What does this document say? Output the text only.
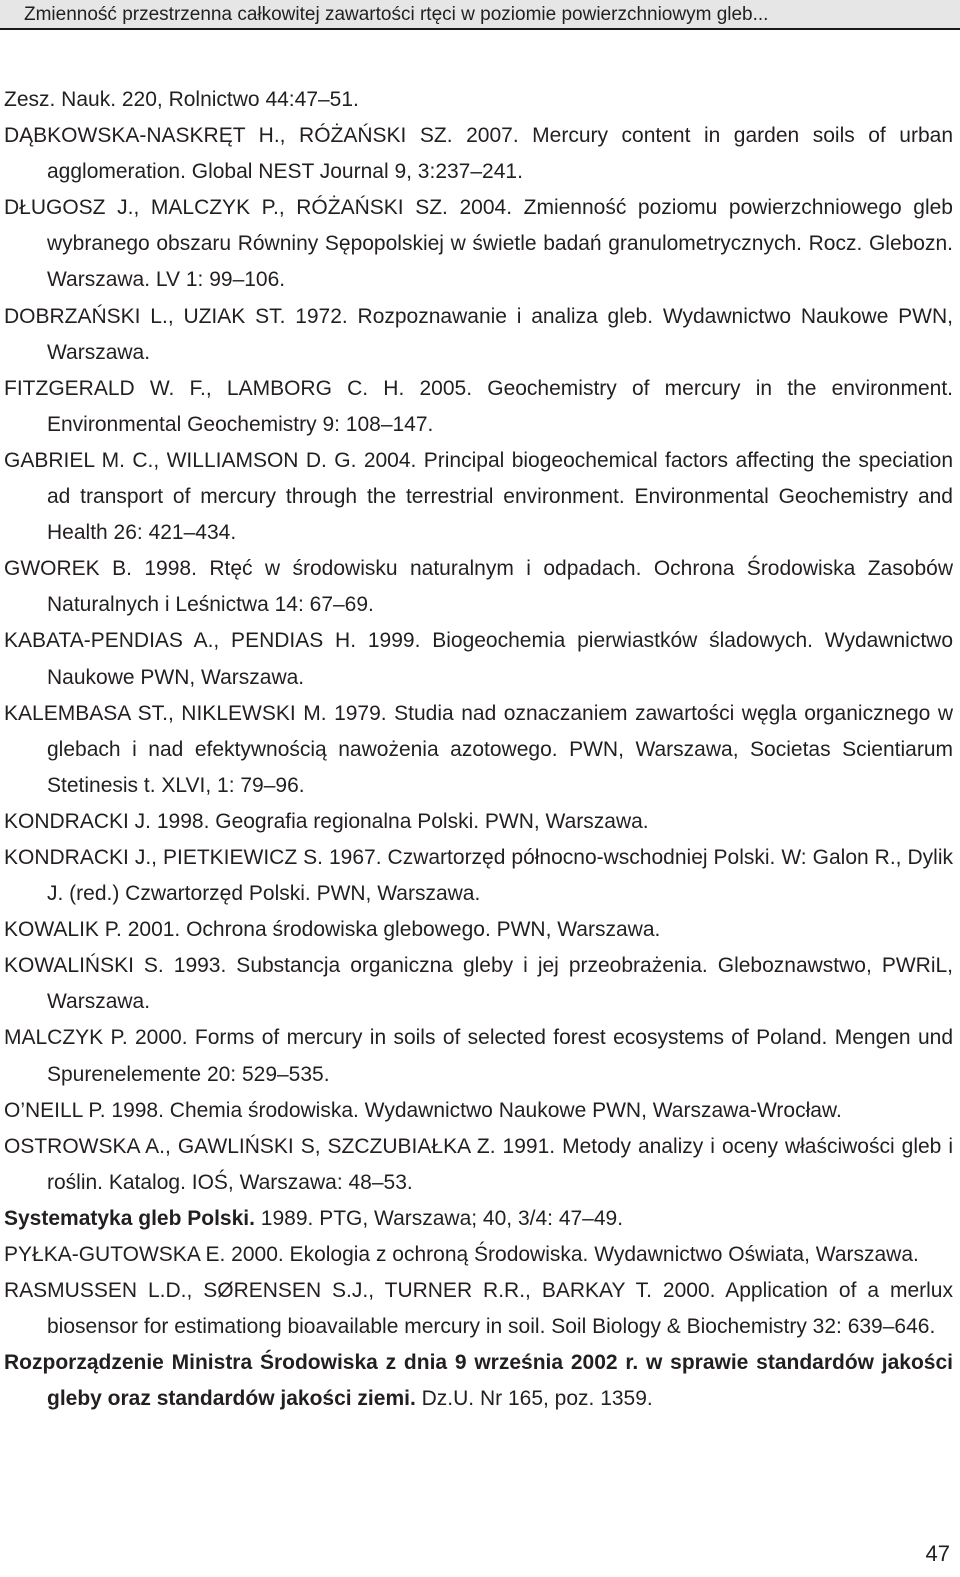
Zmienność przestrzenna całkowitej zawartości rtęci w poziomie powierzchniowym gleb...
Zesz. Nauk. 220, Rolnictwo 44:47–51.
DĄBKOWSKA-NASKRĘT H., RÓŻAŃSKI SZ. 2007. Mercury content in garden soils of urban agglomeration. Global NEST Journal 9, 3:237–241.
DŁUGOSZ J., MALCZYK P., RÓŻAŃSKI SZ. 2004. Zmienność poziomu powierzchniowego gleb wybranego obszaru Równiny Sępopolskiej w świetle badań granulometrycznych. Rocz. Glebozn. Warszawa. LV 1: 99–106.
DOBRZAŃSKI L., UZIAK ST. 1972. Rozpoznawanie i analiza gleb. Wydawnictwo Naukowe PWN, Warszawa.
FITZGERALD W. F., LAMBORG C. H. 2005. Geochemistry of mercury in the environment. Environmental Geochemistry 9: 108–147.
GABRIEL M. C., WILLIAMSON D. G. 2004. Principal biogeochemical factors affecting the speciation ad transport of mercury through the terrestrial environment. Environmental Geochemistry and Health 26: 421–434.
GWOREK B. 1998. Rtęć w środowisku naturalnym i odpadach. Ochrona Środowiska Zasobów Naturalnych i Leśnictwa 14: 67–69.
KABATA-PENDIAS A., PENDIAS H. 1999. Biogeochemia pierwiastków śladowych. Wydawnictwo Naukowe PWN, Warszawa.
KALEMBASA ST., NIKLEWSKI M. 1979. Studia nad oznaczaniem zawartości węgla organicznego w glebach i nad efektywnością nawożenia azotowego. PWN, Warszawa, Societas Scientiarum Stetinesis t. XLVI, 1: 79–96.
KONDRACKI J. 1998. Geografia regionalna Polski. PWN, Warszawa.
KONDRACKI J., PIETKIEWICZ S. 1967. Czwartorzęd północno-wschodniej Polski. W: Galon R., Dylik J. (red.) Czwartorzęd Polski. PWN, Warszawa.
KOWALIK P. 2001. Ochrona środowiska glebowego. PWN, Warszawa.
KOWALIŃSKI S. 1993. Substancja organiczna gleby i jej przeobrażenia. Gleboznawstwo, PWRiL, Warszawa.
MALCZYK P. 2000. Forms of mercury in soils of selected forest ecosystems of Poland. Mengen und Spurenelemente 20: 529–535.
O’NEILL P. 1998. Chemia środowiska. Wydawnictwo Naukowe PWN, Warszawa-Wrocław.
OSTROWSKA A., GAWLIŃSKI S, SZCZUBIAŁKA Z. 1991. Metody analizy i oceny właściwości gleb i roślin. Katalog. IOŚ, Warszawa: 48–53.
Systematyka gleb Polski. 1989. PTG, Warszawa; 40, 3/4: 47–49.
PYŁKA-GUTOWSKA E. 2000. Ekologia z ochroną Środowiska. Wydawnictwo Oświata, Warszawa.
RASMUSSEN L.D., SØRENSEN S.J., TURNER R.R., BARKAY T. 2000. Application of a merlux biosensor for estimationg bioavailable mercury in soil. Soil Biology & Biochemistry 32: 639–646.
Rozporządzenie Ministra Środowiska z dnia 9 września 2002 r. w sprawie standardów jakości gleby oraz standardów jakości ziemi. Dz.U. Nr 165, poz. 1359.
47
